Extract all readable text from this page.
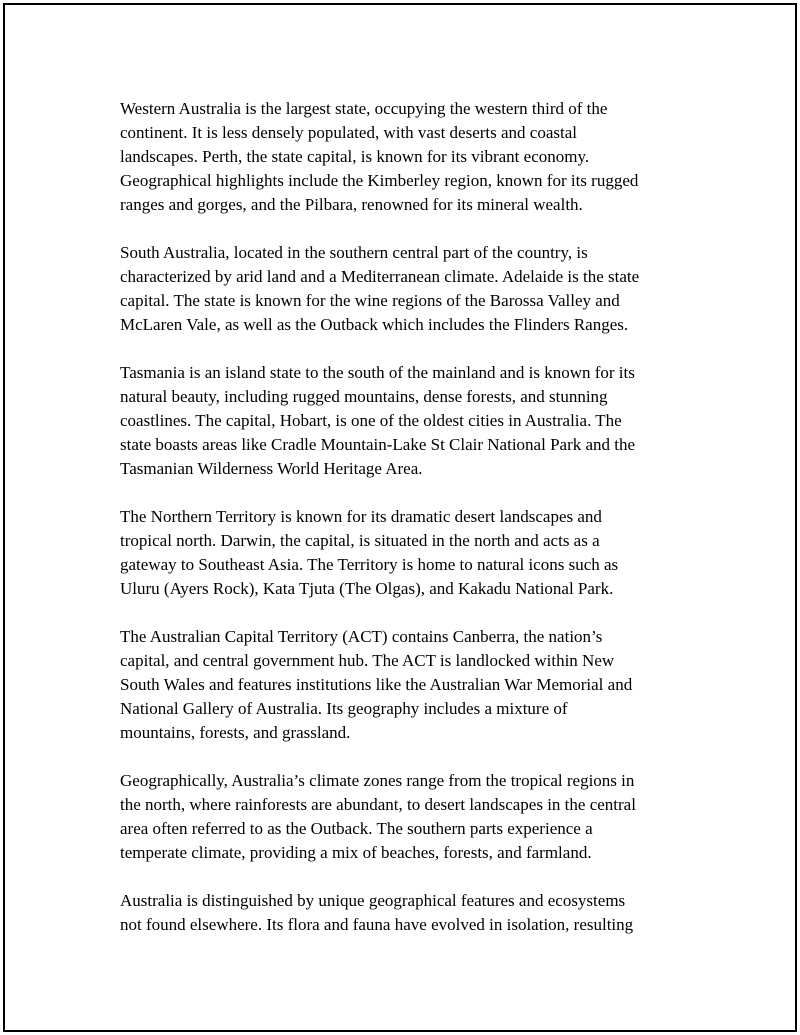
Western Australia is the largest state, occupying the western third of the
continent. It is less densely populated, with vast deserts and coastal
landscapes. Perth, the state capital, is known for its vibrant economy.
Geographical highlights include the Kimberley region, known for its rugged
ranges and gorges, and the Pilbara, renowned for its mineral wealth.

South Australia, located in the southern central part of the country, is
characterized by arid land and a Mediterranean climate. Adelaide is the state
capital. The state is known for the wine regions of the Barossa Valley and
McLaren Vale, as well as the Outback which includes the Flinders Ranges.

Tasmania is an island state to the south of the mainland and is known for its
natural beauty, including rugged mountains, dense forests, and stunning
coastlines. The capital, Hobart, is one of the oldest cities in Australia. The
state boasts areas like Cradle Mountain-Lake St Clair National Park and the
Tasmanian Wilderness World Heritage Area.

The Northern Territory is known for its dramatic desert landscapes and
tropical north. Darwin, the capital, is situated in the north and acts as a
gateway to Southeast Asia. The Territory is home to natural icons such as
Uluru (Ayers Rock), Kata Tjuta (The Olgas), and Kakadu National Park.

The Australian Capital Territory (ACT) contains Canberra, the nation’s
capital, and central government hub. The ACT is landlocked within New
South Wales and features institutions like the Australian War Memorial and
National Gallery of Australia. Its geography includes a mixture of
mountains, forests, and grassland.

Geographically, Australia’s climate zones range from the tropical regions in
the north, where rainforests are abundant, to desert landscapes in the central
area often referred to as the Outback. The southern parts experience a
temperate climate, providing a mix of beaches, forests, and farmland.

Australia is distinguished by unique geographical features and ecosystems
not found elsewhere. Its flora and fauna have evolved in isolation, resulting
